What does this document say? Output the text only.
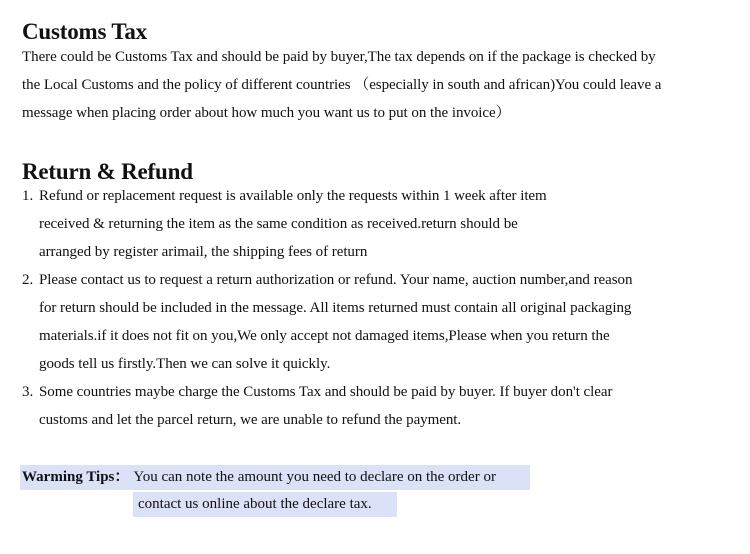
Customs Tax
There could be Customs Tax and should be paid by buyer,The tax depends on if the package is checked by
the Local Customs and the policy of different countries （especially in south and african)You could leave a
message when placing order about how much you want us to put on the invoice）
Return & Refund
1. Refund or replacement request is available only the requests within 1 week after item
received & returning the item as the same condition as received.return should be
arranged by register arimail, the shipping fees of return
2. Please contact us to request a return authorization or refund. Your name, auction number,and reason
for return should be included in the message. All items returned must contain all original packaging
materials.if it does not fit on you,We only accept not damaged items,Please when you return the
goods tell us firstly.Then we can solve it quickly.
3. Some countries maybe charge the Customs Tax and should be paid by buyer. If buyer don't clear
customs and let the parcel return, we are unable to refund the payment.
Warming Tips： You can note the amount you need to declare on the order or
contact us online about the declare tax.
